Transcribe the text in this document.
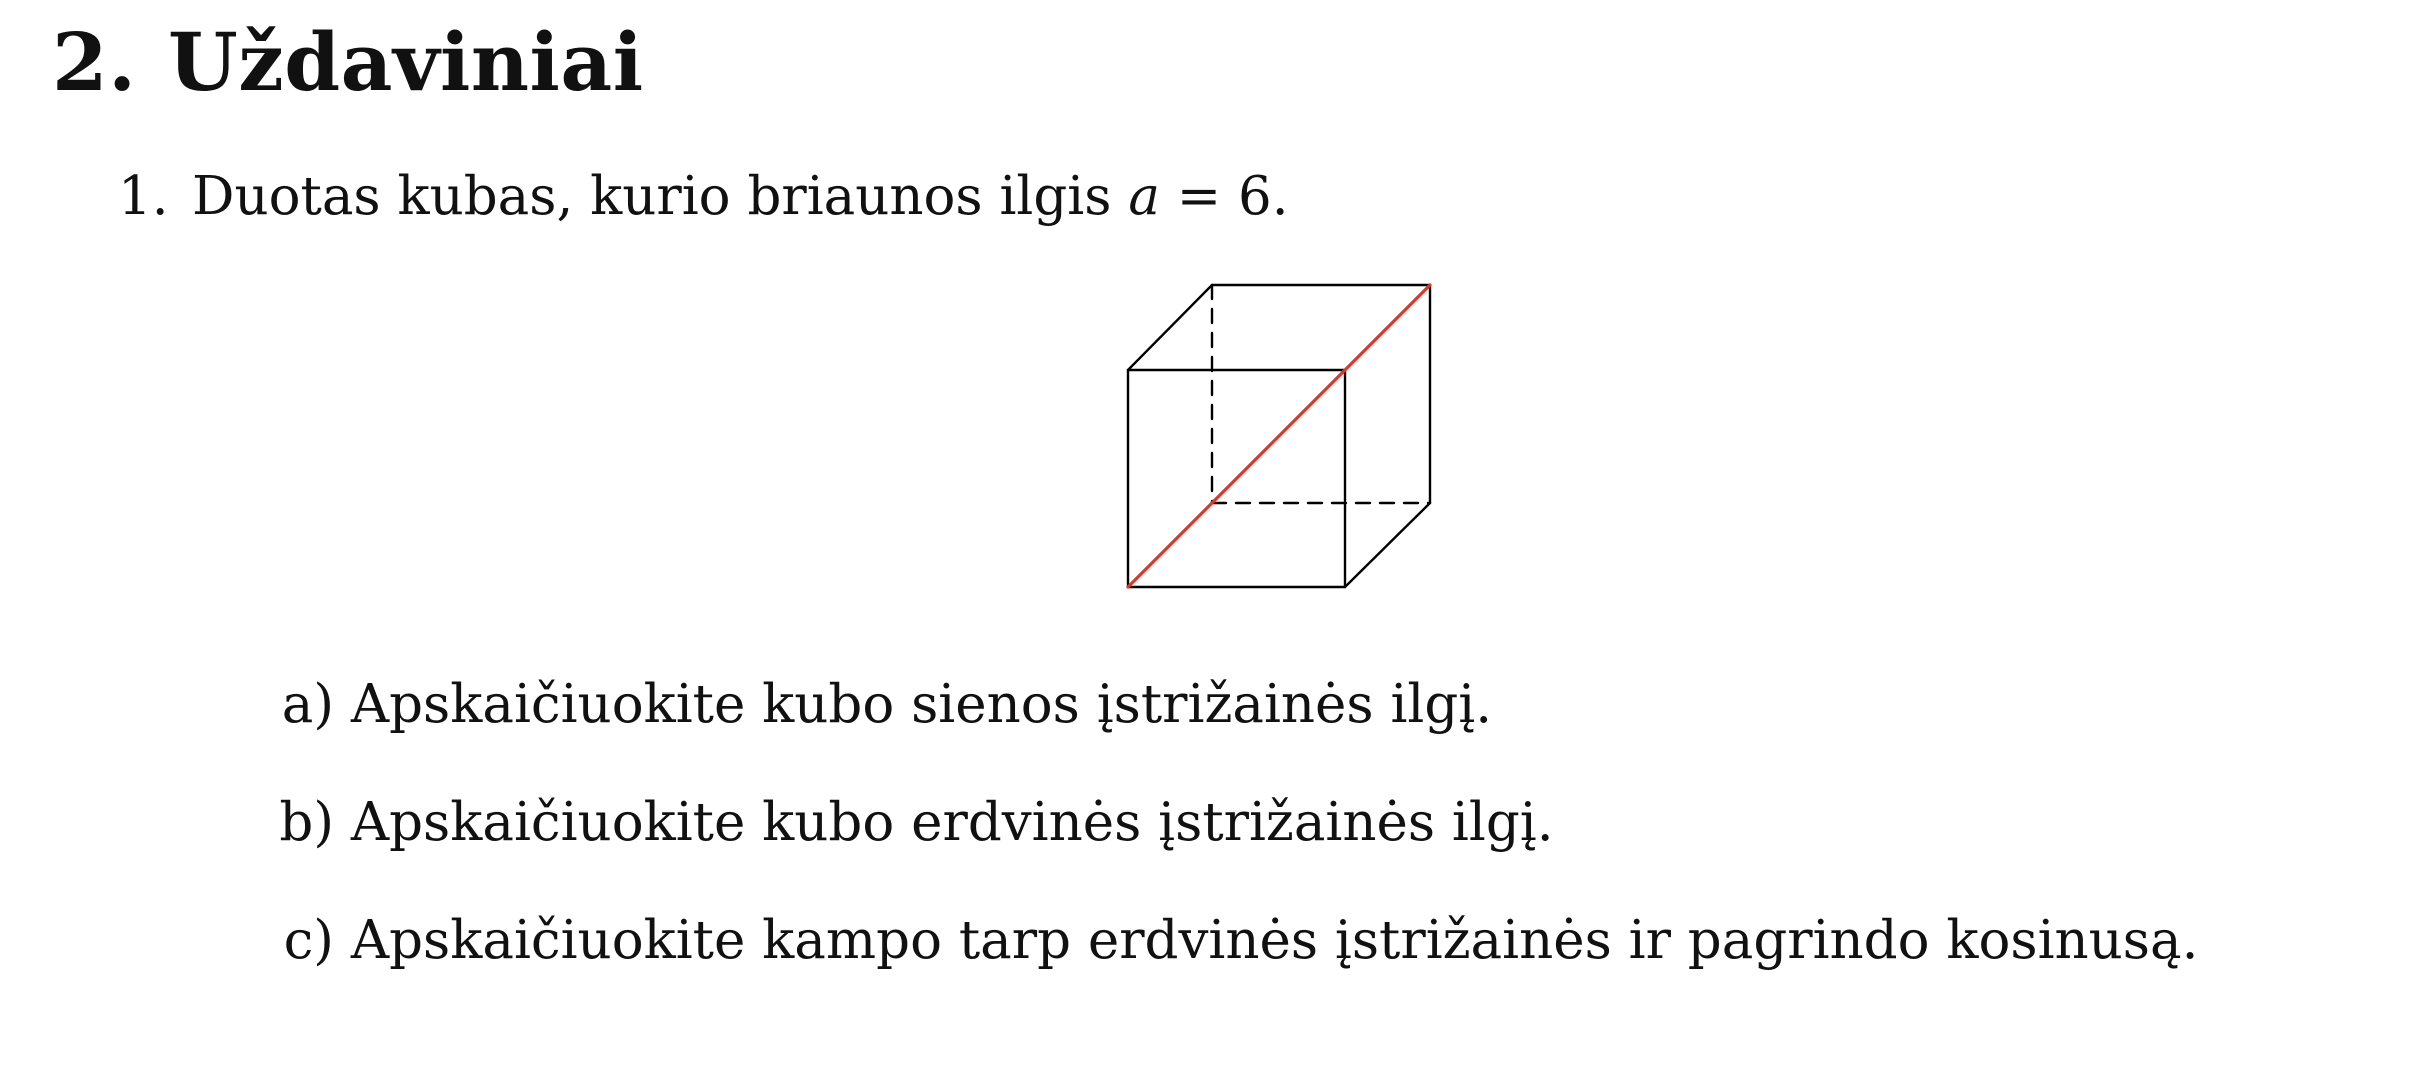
2. Uždaviniai
1. Duotas kubas, kurio briaunos ilgis a = 6.
a) Apskaičiuokite kubo sienos įstrižainės ilgį.
b) Apskaičiuokite kubo erdvinės įstrižainės ilgį.
c) Apskaičiuokite kampo tarp erdvinės įstrižainės ir pagrindo kosinusą.
